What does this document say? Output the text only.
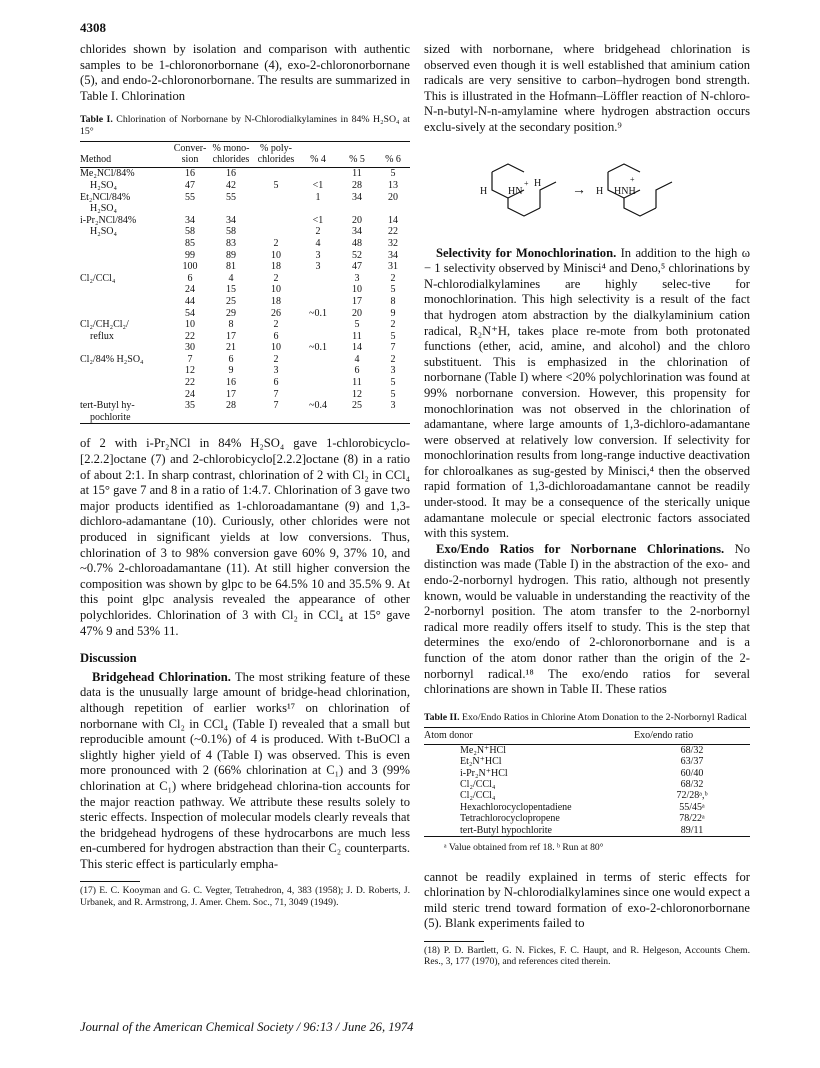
4308

chlorides shown by isolation and comparison with authentic samples to be 1-chloronorbornane (4), exo-2-chloronorbornane (5), and endo-2-chloronorbornane. The results are summarized in Table I. Chlorination

Table I. Chlorination of Norbornane by N-Chlorodialkylamines in 84% H₂SO₄ at 15°
Method	Conver- sion	% mono- chlorides	% poly- chlorides	% 4	% 5	% 6
Me₂NCl/84%	16	16			11	5
H₂SO₄	47	42	5	<1	28	13
Et₂NCl/84%	55	55		1	34	20
H₂SO₄						
i-Pr₂NCl/84%	34	34		<1	20	14
H₂SO₄	58	58		2	34	22
	85	83	2	4	48	32
	99	89	10	3	52	34
	100	81	18	3	47	31
Cl₂/CCl₄	6	4	2		3	2
	24	15	10		10	5
	44	25	18		17	8
	54	29	26	~0.1	20	9
Cl₂/CH₂Cl₂/	10	8	2		5	2
reflux	22	17	6		11	5
	30	21	10	~0.1	14	7
Cl₂/84% H₂SO₄	7	6	2		4	2
	12	9	3		6	3
	22	16	6		11	5
	24	17	7		12	5
tert-Butyl hy-	35	28	7	~0.4	25	3
pochlorite						

of 2 with i-Pr₂NCl in 84% H₂SO₄ gave 1-chlorobicyclo-[2.2.2]octane (7) and 2-chlorobicyclo[2.2.2]octane (8) in a ratio of about 2:1. In sharp contrast, chlorination of 2 with Cl₂ in CCl₄ at 15° gave 7 and 8 in a ratio of 1:4.7. Chlorination of 3 gave two major products identified as 1-chloroadamantane (9) and 1,3-dichloro-adamantane (10). Curiously, other chlorides were not produced in significant yields at low conversions. Thus, chlorination of 3 to 98% conversion gave 60% 9, 37% 10, and ~0.7% 2-chloroadamantane (11). At still higher conversion the composition was shown by glpc to be 64.5% 10 and 35.5% 9. At this point glpc analysis revealed the appearance of other polychlorides. Chlorination of 3 with Cl₂ in CCl₄ at 15° gave 47% 9 and 53% 11.

Discussion

Bridgehead Chlorination. The most striking feature of these data is the unusually large amount of bridge-head chlorination, although repetition of earlier works¹⁷ on chlorination of norbornane with Cl₂ in CCl₄ (Table I) revealed that a small but reproducible amount (~0.1%) of 4 is produced. With t-BuOCl a slightly higher yield of 4 (Table I) was observed. This is even more pronounced with 2 (66% chlorination at C₁) and 3 (99% chlorination at C₁) where bridgehead chlorina-tion accounts for the major reaction pathway. We attribute these results solely to steric effects. Inspection of molecular models clearly reveals that the bridgehead hydrogens of these hydrocarbons are much less en-cumbered for hydrogen abstraction than their C₂ counterparts. This steric effect is particularly empha-

(17) E. C. Kooyman and G. C. Vegter, Tetrahedron, 4, 383 (1958); J. D. Roberts, J. Urbanek, and R. Armstrong, J. Amer. Chem. Soc., 71, 3049 (1949).

sized with norbornane, where bridgehead chlorination is observed even though it is well established that aminium cation radicals are very sensitive to carbon–hydrogen bond strength. This is illustrated in the Hofmann–Löffler reaction of N-chloro-N-n-butyl-N-n-amylamine where hydrogen abstraction occurs exclu-sively at the secondary position.⁹

H HN
+ H → H HNH
+

Selectivity for Monochlorination. In addition to the high ω − 1 selectivity observed by Minisci⁴ and Deno,⁵ chlorinations by N-chlorodialkylamines are highly selec-tive for monochlorination. This high selectivity is a result of the fact that hydrogen atom abstraction by the dialkylaminium cation radical, R₂N⁺H, takes place re-mote from both protonated functions (ether, acid, amine, and alcohol) and the chloro substituent. This is emphasized in the chlorination of norbornane (Table I) where <20% polychlorination was found at 99% norbornane conversion. However, this propensity for monochlorination was not observed in the chlorination of adamantane, where large amounts of 1,3-dichloro-adamantane were observed at relatively low conversion. If selectivity for monochlorination results from long-range inductive deactivation for chloroalkanes as sug-gested by Minisci,⁴ then the observed rapid formation of 1,3-dichloroadamantane cannot be readily under-stood. It may be a consequence of the sterically unique adamantane molecule or special electronic factors associated with this system.

Exo/Endo Ratios for Norbornane Chlorinations. No distinction was made (Table I) in the abstraction of the exo- and endo-2-norbornyl hydrogen. This ratio, although not presently known, would be valuable in understanding the reactivity of the 2-norbornyl position. The atom transfer to the 2-norbornyl radical more readily offers itself to study. This is the step that determines the exo/endo of 2-chloronorbornane and is a function of the atom donor rather than the origin of the 2-norbornyl radical.¹⁸ The exo/endo ratios for several chlorinations are shown in Table II. These ratios

Table II. Exo/Endo Ratios in Chlorine Atom Donation to the 2-Norbornyl Radical
Atom donor	Exo/endo ratio
Me₂N⁺HCl	68/32
Et₂N⁺HCl	63/37
i-Pr₂N⁺HCl	60/40
Cl₂/CCl₄	68/32
Cl₂/CCl₄	72/28ᵃ,ᵇ
Hexachlorocyclopentadiene	55/45ᵃ
Tetrachlorocyclopropene	78/22ᵃ
tert-Butyl hypochlorite	89/11
ᵃ Value obtained from ref 18. ᵇ Run at 80°

cannot be readily explained in terms of steric effects for chlorination by N-chlorodialkylamines since one would expect a mild steric trend toward formation of exo-2-chloronorbornane (5). Blank experiments failed to

(18) P. D. Bartlett, G. N. Fickes, F. C. Haupt, and R. Helgeson, Accounts Chem. Res., 3, 177 (1970), and references cited therein.

Journal of the American Chemical Society / 96:13 / June 26, 1974
